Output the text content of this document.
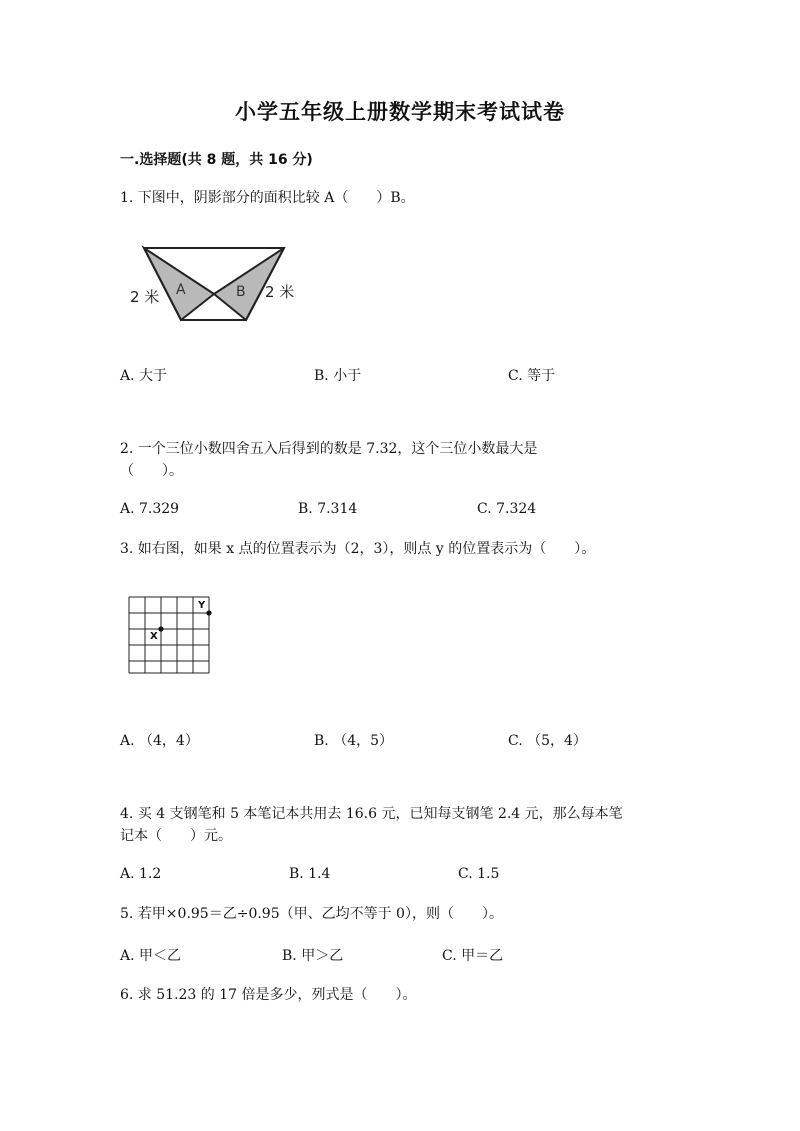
小学五年级上册数学期末考试试卷
一.选择题(共 8 题，共 16 分)
1. 下图中，阴影部分的面积比较 A（　　）B。
A	B
2 米	2 米
A. 大于	B. 小于	C. 等于
2. 一个三位小数四舍五入后得到的数是 7.32，这个三位小数最大是
（　　）。
A. 7.329	B. 7.314	C. 7.324
3. 如右图，如果 x 点的位置表示为（2，3），则点 y 的位置表示为（　　）。
X
Y
A. （4，4）	B. （4，5）	C. （5，4）
4. 买 4 支钢笔和 5 本笔记本共用去 16.6 元，已知每支钢笔 2.4 元，那么每本笔
记本（　　）元。
A. 1.2	B. 1.4	C. 1.5
5. 若甲×0.95＝乙÷0.95（甲、乙均不等于 0），则（　　）。
A. 甲＜乙	B. 甲＞乙	C. 甲＝乙
6. 求 51.23 的 17 倍是多少，列式是（　　）。
